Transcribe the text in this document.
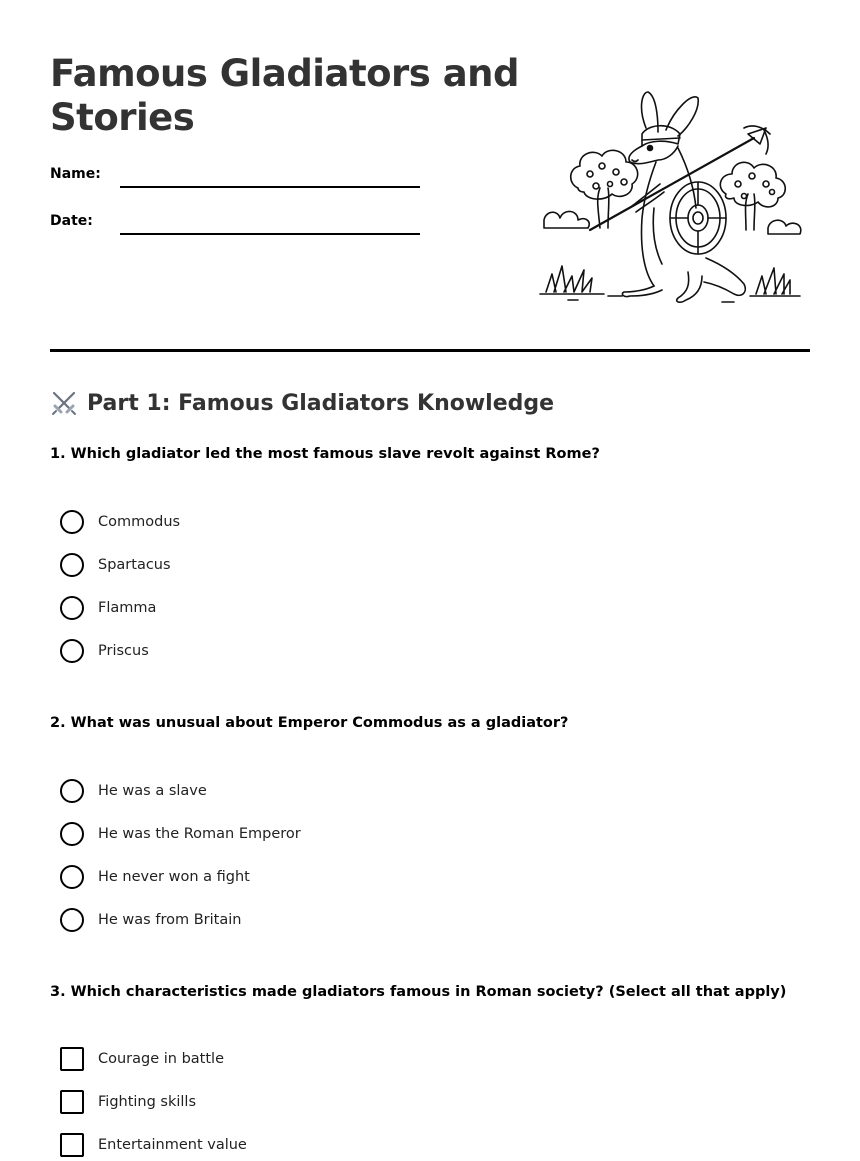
Famous Gladiators and Stories
Name:
Date:
Part 1: Famous Gladiators Knowledge

1. Which gladiator led the most famous slave revolt against Rome?

Commodus
Spartacus
Flamma
Priscus

2. What was unusual about Emperor Commodus as a gladiator?

He was a slave
He was the Roman Emperor
He never won a fight
He was from Britain

3. Which characteristics made gladiators famous in Roman society? (Select all that apply)

Courage in battle
Fighting skills
Entertainment value
